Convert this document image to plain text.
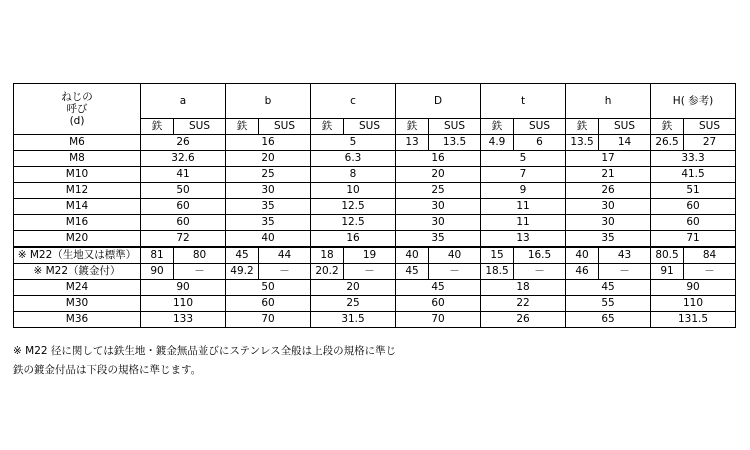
ねじの
呼び
(d)	a		b		c		D		t		h		H( 参考)	
	鉄	SUS	鉄	SUS	鉄	SUS	鉄	SUS	鉄	SUS	鉄	SUS	鉄	SUS
M6	26		16		5		13	13.5	4.9	6	13.5	14	26.5	27
M8	32.6		20		6.3		16		5		17		33.3	
M10	41		25		8		20		7		21		41.5	
M12	50		30		10		25		9		26		51	
M14	60		35		12.5		30		11		30		60	
M16	60		35		12.5		30		11		30		60	
M20	72		40		16		35		13		35		71	
※ M22（生地又は標準）	81	80	45	44	18	19	40	40	15	16.5	40	43	80.5	84
※ M22（鍍金付）	90	－	49.2	－	20.2	－	45	－	18.5	－	46	－	91	－
M24	90		50		20		45		18		45		90	
M30	110		60		25		60		22		55		110	
M36	133		70		31.5		70		26		65		131.5	
※ M22 径に関しては鉄生地・鍍金無品並びにステンレス全般は上段の規格に準じ
鉄の鍍金付品は下段の規格に準じます。
